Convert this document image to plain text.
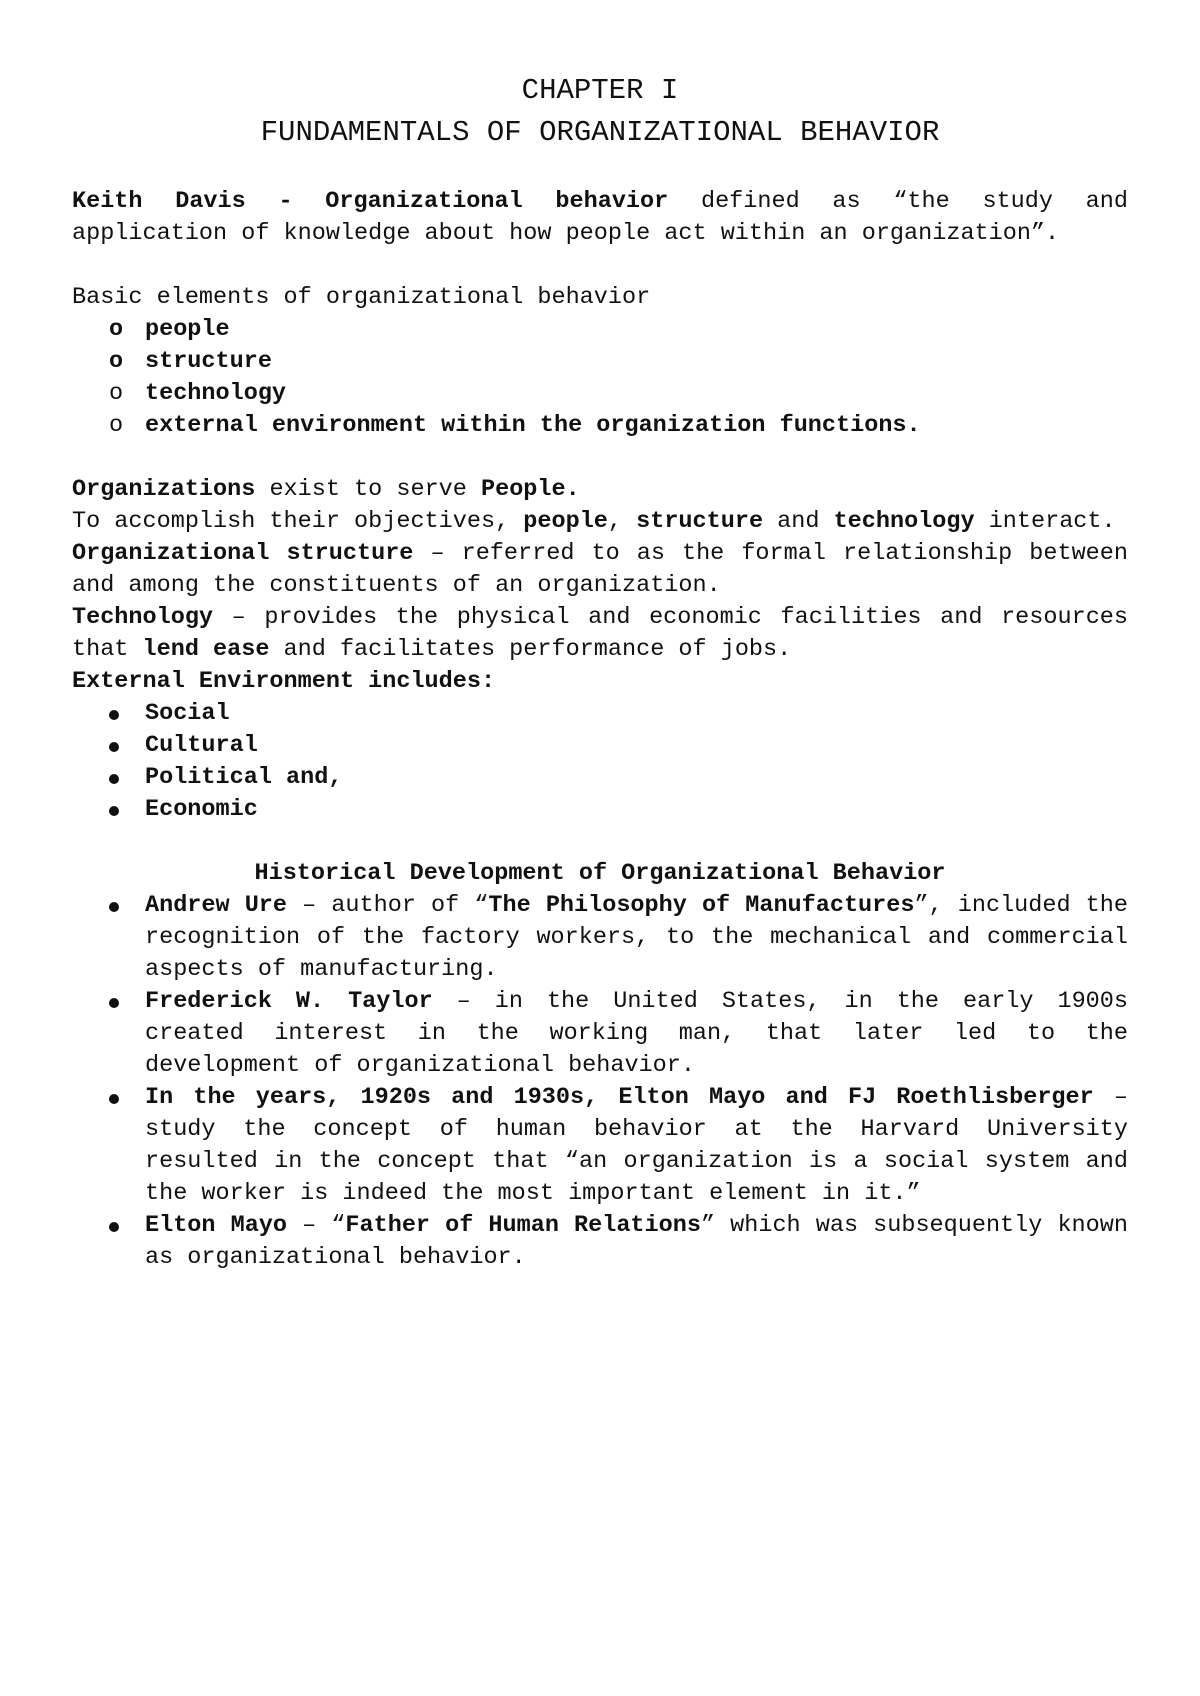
CHAPTER I
FUNDAMENTALS OF ORGANIZATIONAL BEHAVIOR

Keith Davis - Organizational behavior defined as “the study and application of knowledge about how people act within an organization”.

Basic elements of organizational behavior

o people
o structure
o technology
o external environment within the organization functions.

Organizations exist to serve People.

To accomplish their objectives, people, structure and technology interact.

Organizational structure – referred to as the formal relationship between and among the constituents of an organization.

Technology – provides the physical and economic facilities and resources that lend ease and facilitates performance of jobs.

External Environment includes:

Social
Cultural
Political and,
Economic

Historical Development of Organizational Behavior

Andrew Ure – author of “The Philosophy of Manufactures”, included the recognition of the factory workers, to the mechanical and commercial aspects of manufacturing.
Frederick W. Taylor – in the United States, in the early 1900s created interest in the working man, that later led to the development of organizational behavior.
In the years, 1920s and 1930s, Elton Mayo and FJ Roethlisberger – study the concept of human behavior at the Harvard University resulted in the concept that “an organization is a social system and the worker is indeed the most important element in it.”
Elton Mayo – “Father of Human Relations” which was subsequently known as organizational behavior.
